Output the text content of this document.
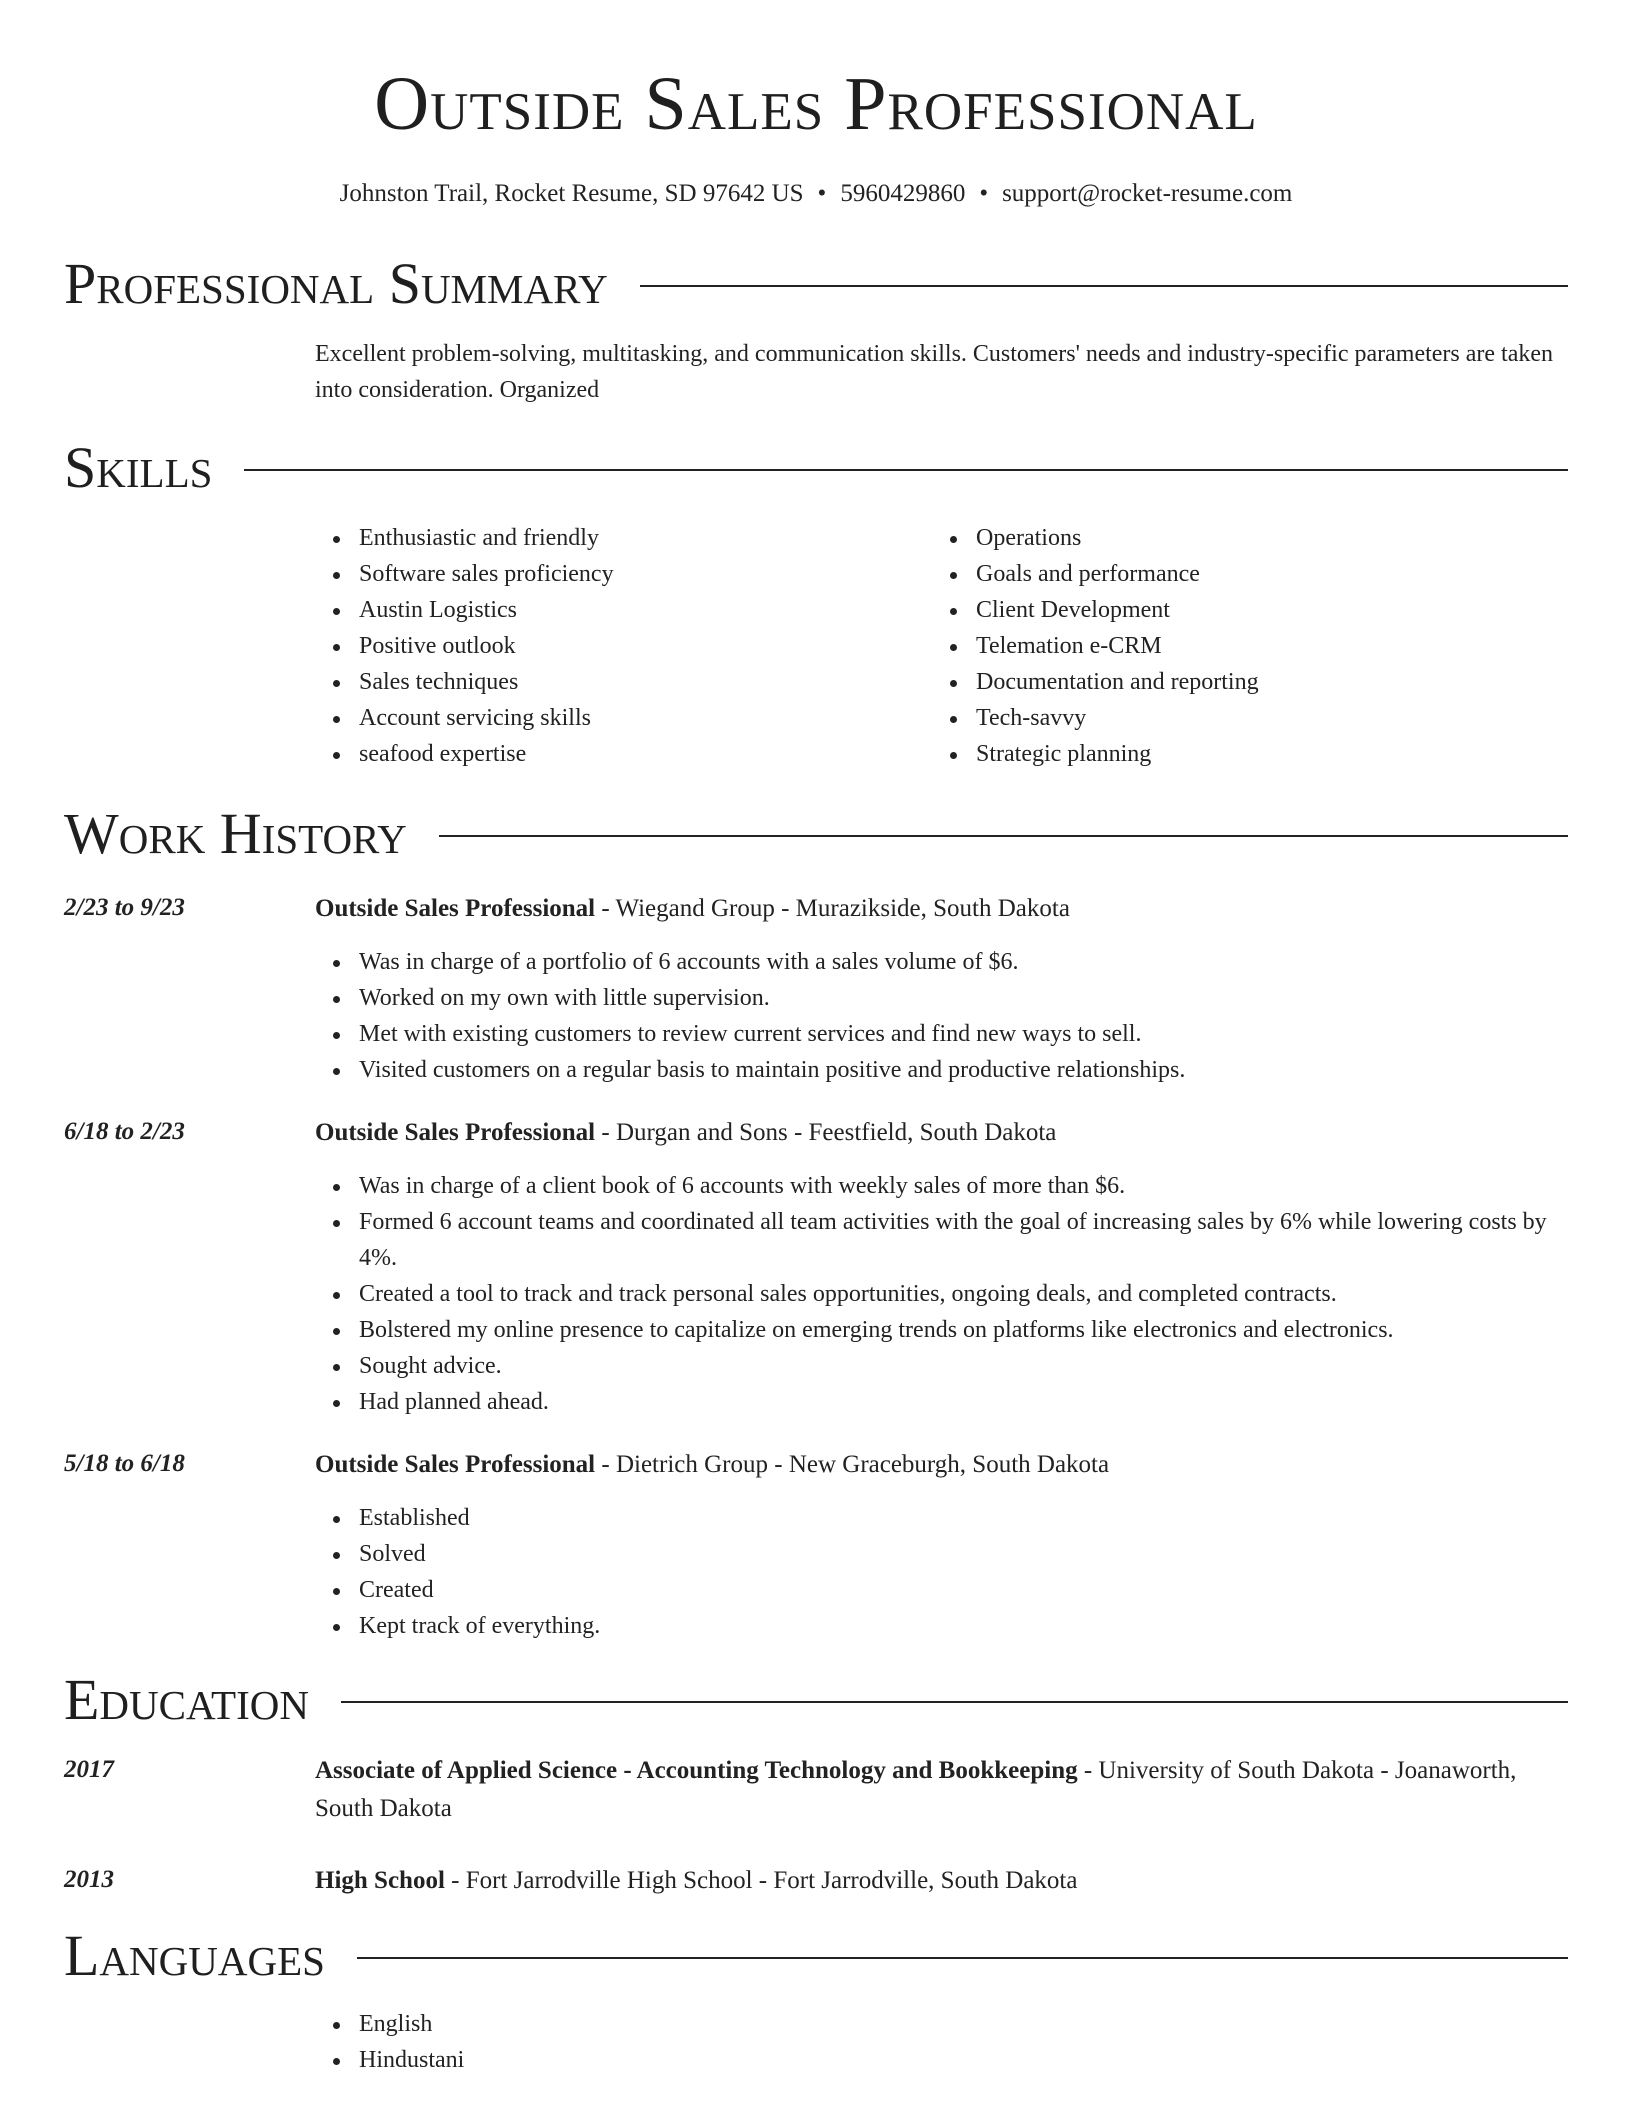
Outside Sales Professional
Johnston Trail, Rocket Resume, SD 97642 US • 5960429860 • support@rocket-resume.com
Professional Summary
Excellent problem-solving, multitasking, and communication skills. Customers' needs and industry-specific parameters are taken into consideration. Organized
Skills
Enthusiastic and friendly
Software sales proficiency
Austin Logistics
Positive outlook
Sales techniques
Account servicing skills
seafood expertise
Operations
Goals and performance
Client Development
Telemation e-CRM
Documentation and reporting
Tech-savvy
Strategic planning
Work History
2/23 to 9/23	Outside Sales Professional - Wiegand Group - Murazikside, South Dakota
Was in charge of a portfolio of 6 accounts with a sales volume of $6.
Worked on my own with little supervision.
Met with existing customers to review current services and find new ways to sell.
Visited customers on a regular basis to maintain positive and productive relationships.
6/18 to 2/23	Outside Sales Professional - Durgan and Sons - Feestfield, South Dakota
Was in charge of a client book of 6 accounts with weekly sales of more than $6.
Formed 6 account teams and coordinated all team activities with the goal of increasing sales by 6% while lowering costs by 4%.
Created a tool to track and track personal sales opportunities, ongoing deals, and completed contracts.
Bolstered my online presence to capitalize on emerging trends on platforms like electronics and electronics.
Sought advice.
Had planned ahead.
5/18 to 6/18	Outside Sales Professional - Dietrich Group - New Graceburgh, South Dakota
Established
Solved
Created
Kept track of everything.
Education
2017	Associate of Applied Science - Accounting Technology and Bookkeeping - University of South Dakota - Joanaworth, South Dakota
2013	High School - Fort Jarrodville High School - Fort Jarrodville, South Dakota
Languages
English
Hindustani
